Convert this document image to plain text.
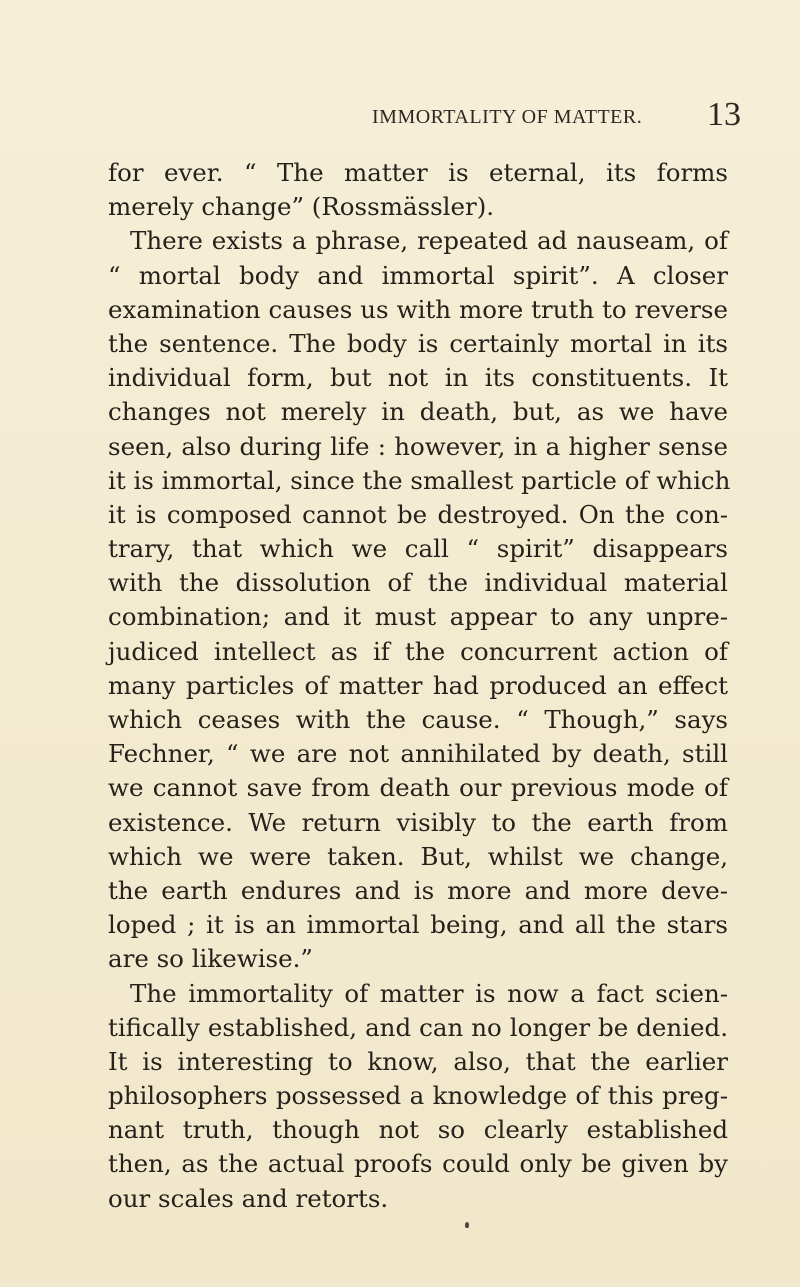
IMMORTALITY OF MATTER. 13
for ever. “ The matter is eternal, its forms
merely change” (Rossmässler).
There exists a phrase, repeated ad nauseam, of
“ mortal body and immortal spirit”. A closer
examination causes us with more truth to reverse
the sentence. The body is certainly mortal in its
individual form, but not in its constituents. It
changes not merely in death, but, as we have
seen, also during life : however, in a higher sense
it is immortal, since the smallest particle of which
it is composed cannot be destroyed. On the con-
trary, that which we call “ spirit” disappears
with the dissolution of the individual material
combination; and it must appear to any unpre-
judiced intellect as if the concurrent action of
many particles of matter had produced an effect
which ceases with the cause. “ Though,” says
Fechner, “ we are not annihilated by death, still
we cannot save from death our previous mode of
existence. We return visibly to the earth from
which we were taken. But, whilst we change,
the earth endures and is more and more deve-
loped ; it is an immortal being, and all the stars
are so likewise.”
The immortality of matter is now a fact scien-
tifically established, and can no longer be denied.
It is interesting to know, also, that the earlier
philosophers possessed a knowledge of this preg-
nant truth, though not so clearly established
then, as the actual proofs could only be given by
our scales and retorts.
